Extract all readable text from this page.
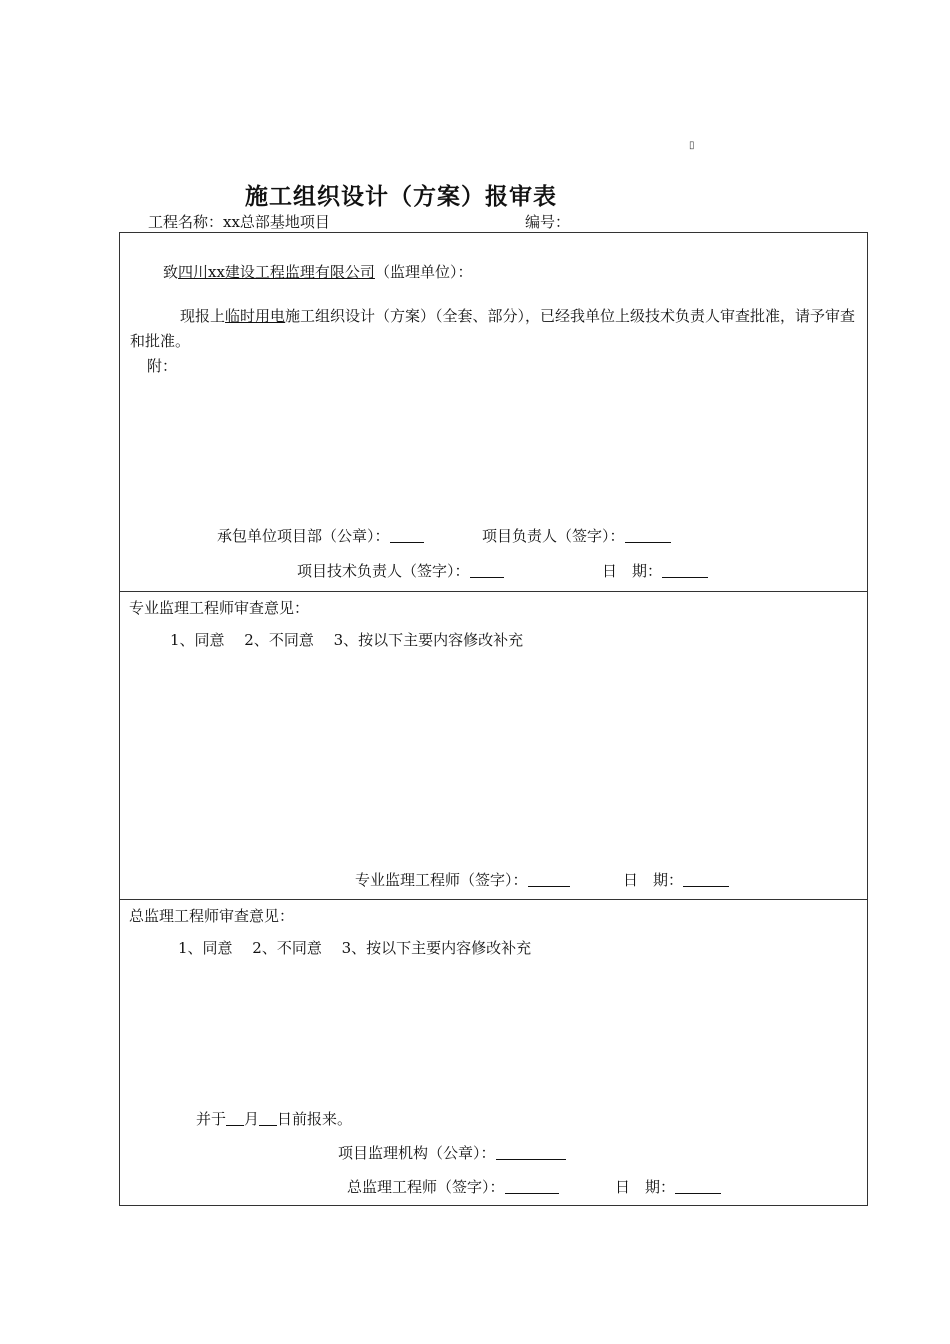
▯
施工组织设计（方案）报审表
工程名称：xx总部基地项目	编号：
致四川xx建设工程监理有限公司（监理单位）：
现报上临时用电施工组织设计（方案）（全套、部分），已经我单位上级技术负责人审查批准，请予审查和批准。
附：
承包单位项目部（公章）：	项目负责人（签字）：
项目技术负责人（签字）：	日　期：
专业监理工程师审查意见：
1、同意　 2、不同意　 3、按以下主要内容修改补充
专业监理工程师（签字）：	日　期：
总监理工程师审查意见：
1、同意　 2、不同意　 3、按以下主要内容修改补充
并于 月 日前报来。
项目监理机构（公章）：
总监理工程师（签字）：	日　期：
